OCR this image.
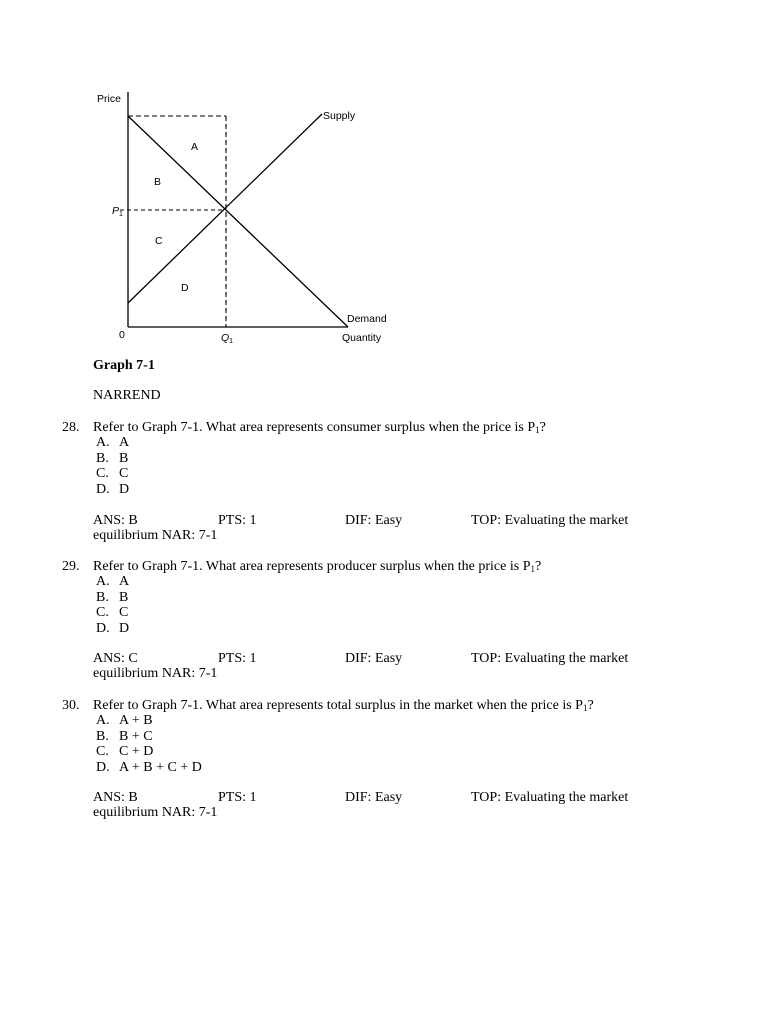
Price
Quantity
0
Supply
Demand
P1
Q1
A
B
C
D
Graph 7-1
NARREND
28. Refer to Graph 7-1. What area represents consumer surplus when the price is $P_1$?
A. A
B. B
C. C
D. D
ANS: B	PTS: 1	DIF: Easy	TOP: Evaluating the market
equilibrium NAR: 7-1
29. Refer to Graph 7-1. What area represents producer surplus when the price is $P_1$?
A. A
B. B
C. C
D. D
ANS: C	PTS: 1	DIF: Easy	TOP: Evaluating the market
equilibrium NAR: 7-1
30. Refer to Graph 7-1. What area represents total surplus in the market when the price is $P_1$?
A. A + B
B. B + C
C. C + D
D. A + B + C + D
ANS: B	PTS: 1	DIF: Easy	TOP: Evaluating the market
equilibrium NAR: 7-1
